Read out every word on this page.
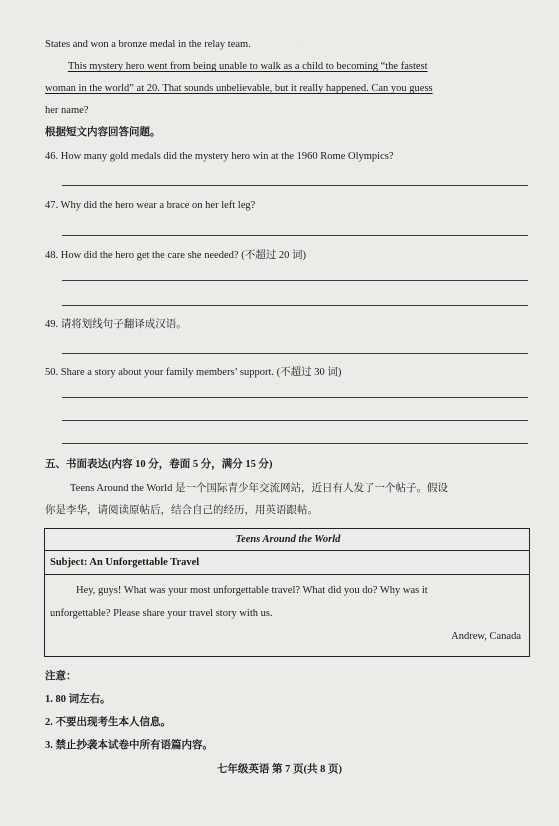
·
States and won a bronze medal in the relay team.
This mystery hero went from being unable to walk as a child to becoming “the fastest
woman in the world” at 20. That sounds unbelievable, but it really happened. Can you guess
her name?
根据短文内容回答问题。
46. How many gold medals did the mystery hero win at the 1960 Rome Olympics?
47. Why did the hero wear a brace on her left leg?
48. How did the hero get the care she needed? (不超过 20 词)
49. 请将划线句子翻译成汉语。
50. Share a story about your family members’ support. (不超过 30 词)
五、书面表达(内容 10 分，卷面 5 分，满分 15 分)
Teens Around the World 是一个国际青少年交流网站，近日有人发了一个帖子。假设
你是李华，请阅读原帖后，结合自己的经历，用英语跟帖。
Teens Around the World
Subject: An Unforgettable Travel
Hey, guys! What was your most unforgettable travel? What did you do? Why was it
unforgettable? Please share your travel story with us.
Andrew, Canada
注意：
1. 80 词左右。
2. 不要出现考生本人信息。
3. 禁止抄袭本试卷中所有语篇内容。
七年级英语 第 7 页(共 8 页)
